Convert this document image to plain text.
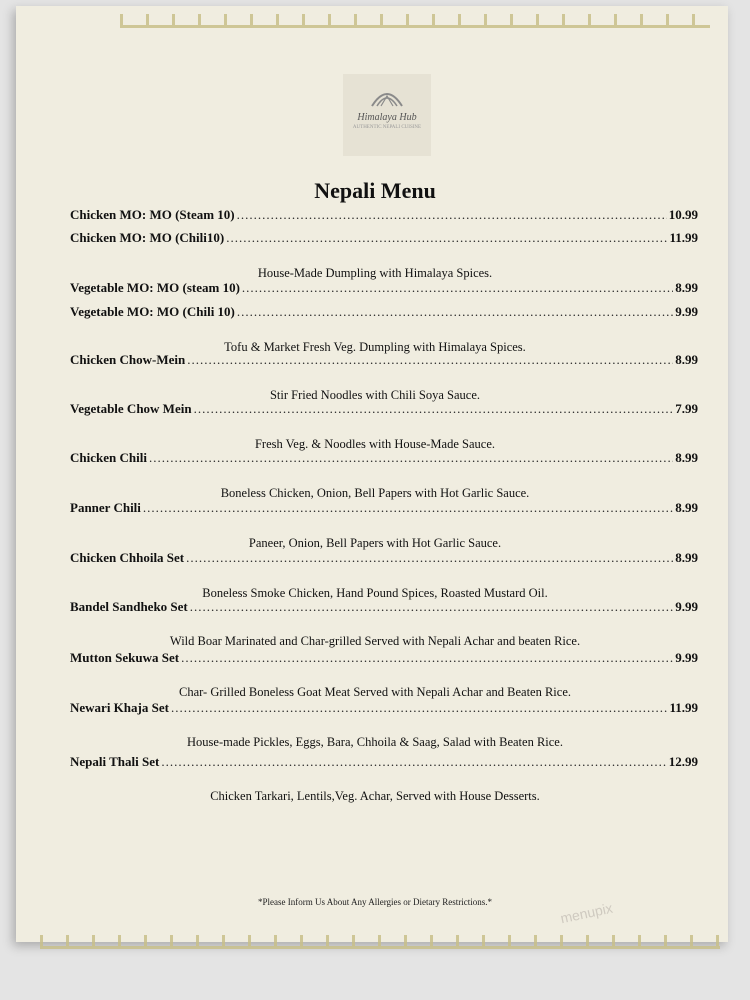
Himalaya Hub
AUTHENTIC NEPALI CUISINE
Nepali Menu
Chicken MO: MO (Steam 10) .....	10.99
Chicken MO: MO (Chili10) .....	11.99
House-Made Dumpling with Himalaya Spices.
Vegetable MO: MO (steam 10) .....	8.99
Vegetable MO: MO (Chili 10) .....	9.99
Tofu & Market Fresh Veg. Dumpling with Himalaya Spices.
Chicken Chow-Mein .....	8.99
Stir Fried Noodles with Chili Soya Sauce.
Vegetable Chow Mein .....	7.99
Fresh Veg. & Noodles with House-Made Sauce.
Chicken Chili .....	8.99
Boneless Chicken, Onion, Bell Papers with Hot Garlic Sauce.
Panner Chili .....	8.99
Paneer, Onion, Bell Papers with Hot Garlic Sauce.
Chicken Chhoila Set .....	8.99
Boneless Smoke Chicken, Hand Pound Spices, Roasted Mustard Oil.
Bandel Sandheko Set .....	9.99
Wild Boar Marinated and Char-grilled Served with Nepali Achar and beaten Rice.
Mutton Sekuwa Set .....	9.99
Char- Grilled Boneless Goat Meat Served with Nepali Achar and Beaten Rice.
Newari Khaja Set .....	11.99
House-made Pickles, Eggs, Bara, Chhoila & Saag, Salad with Beaten Rice.
Nepali Thali Set .....	12.99
Chicken Tarkari, Lentils,Veg. Achar, Served with House Desserts.
*Please Inform Us About Any Allergies or Dietary Restrictions.*	menupix
